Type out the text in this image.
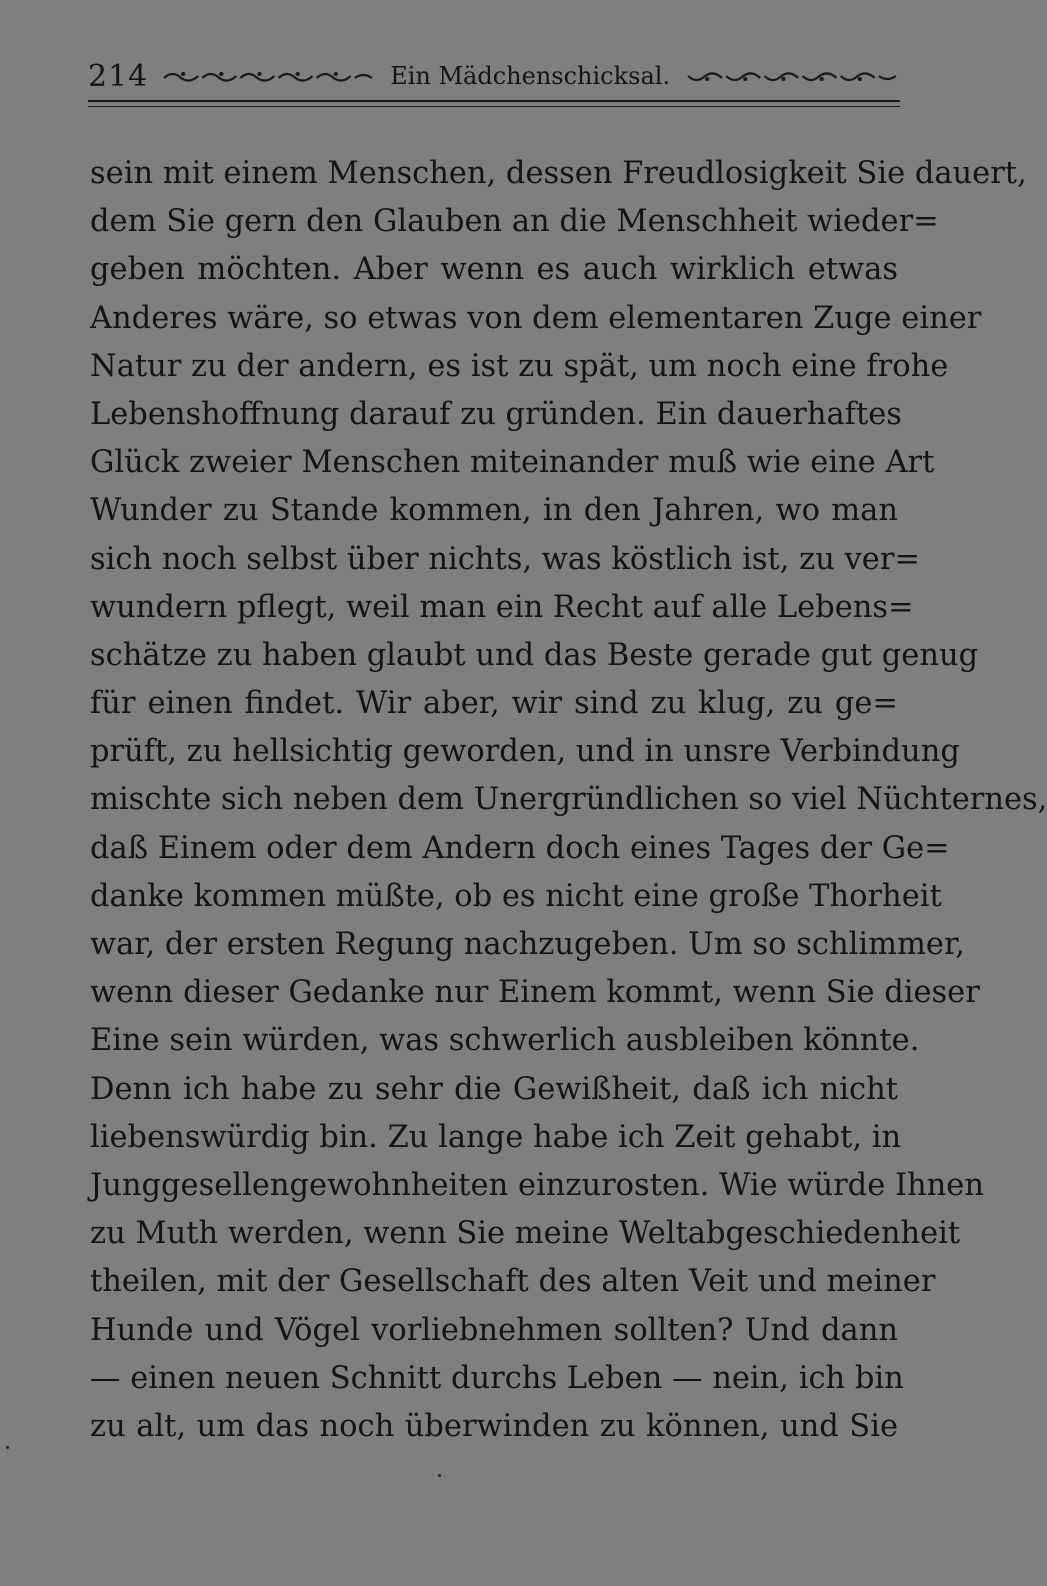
214	Ein Mädchenschicksal.
sein mit einem Menschen, dessen Freudlosigkeit Sie dauert,
dem Sie gern den Glauben an die Menschheit wieder=
geben möchten. Aber wenn es auch wirklich etwas
Anderes wäre, so etwas von dem elementaren Zuge einer
Natur zu der andern, es ist zu spät, um noch eine frohe
Lebenshoffnung darauf zu gründen. Ein dauerhaftes
Glück zweier Menschen miteinander muß wie eine Art
Wunder zu Stande kommen, in den Jahren, wo man
sich noch selbst über nichts, was köstlich ist, zu ver=
wundern pflegt, weil man ein Recht auf alle Lebens=
schätze zu haben glaubt und das Beste gerade gut genug
für einen findet. Wir aber, wir sind zu klug, zu ge=
prüft, zu hellsichtig geworden, und in unsre Verbindung
mischte sich neben dem Unergründlichen so viel Nüchternes,
daß Einem oder dem Andern doch eines Tages der Ge=
danke kommen müßte, ob es nicht eine große Thorheit
war, der ersten Regung nachzugeben. Um so schlimmer,
wenn dieser Gedanke nur Einem kommt, wenn Sie dieser
Eine sein würden, was schwerlich ausbleiben könnte.
Denn ich habe zu sehr die Gewißheit, daß ich nicht
liebenswürdig bin. Zu lange habe ich Zeit gehabt, in
Junggesellengewohnheiten einzurosten. Wie würde Ihnen
zu Muth werden, wenn Sie meine Weltabgeschiedenheit
theilen, mit der Gesellschaft des alten Veit und meiner
Hunde und Vögel vorliebnehmen sollten? Und dann
— einen neuen Schnitt durchs Leben — nein, ich bin
zu alt, um das noch überwinden zu können, und Sie
